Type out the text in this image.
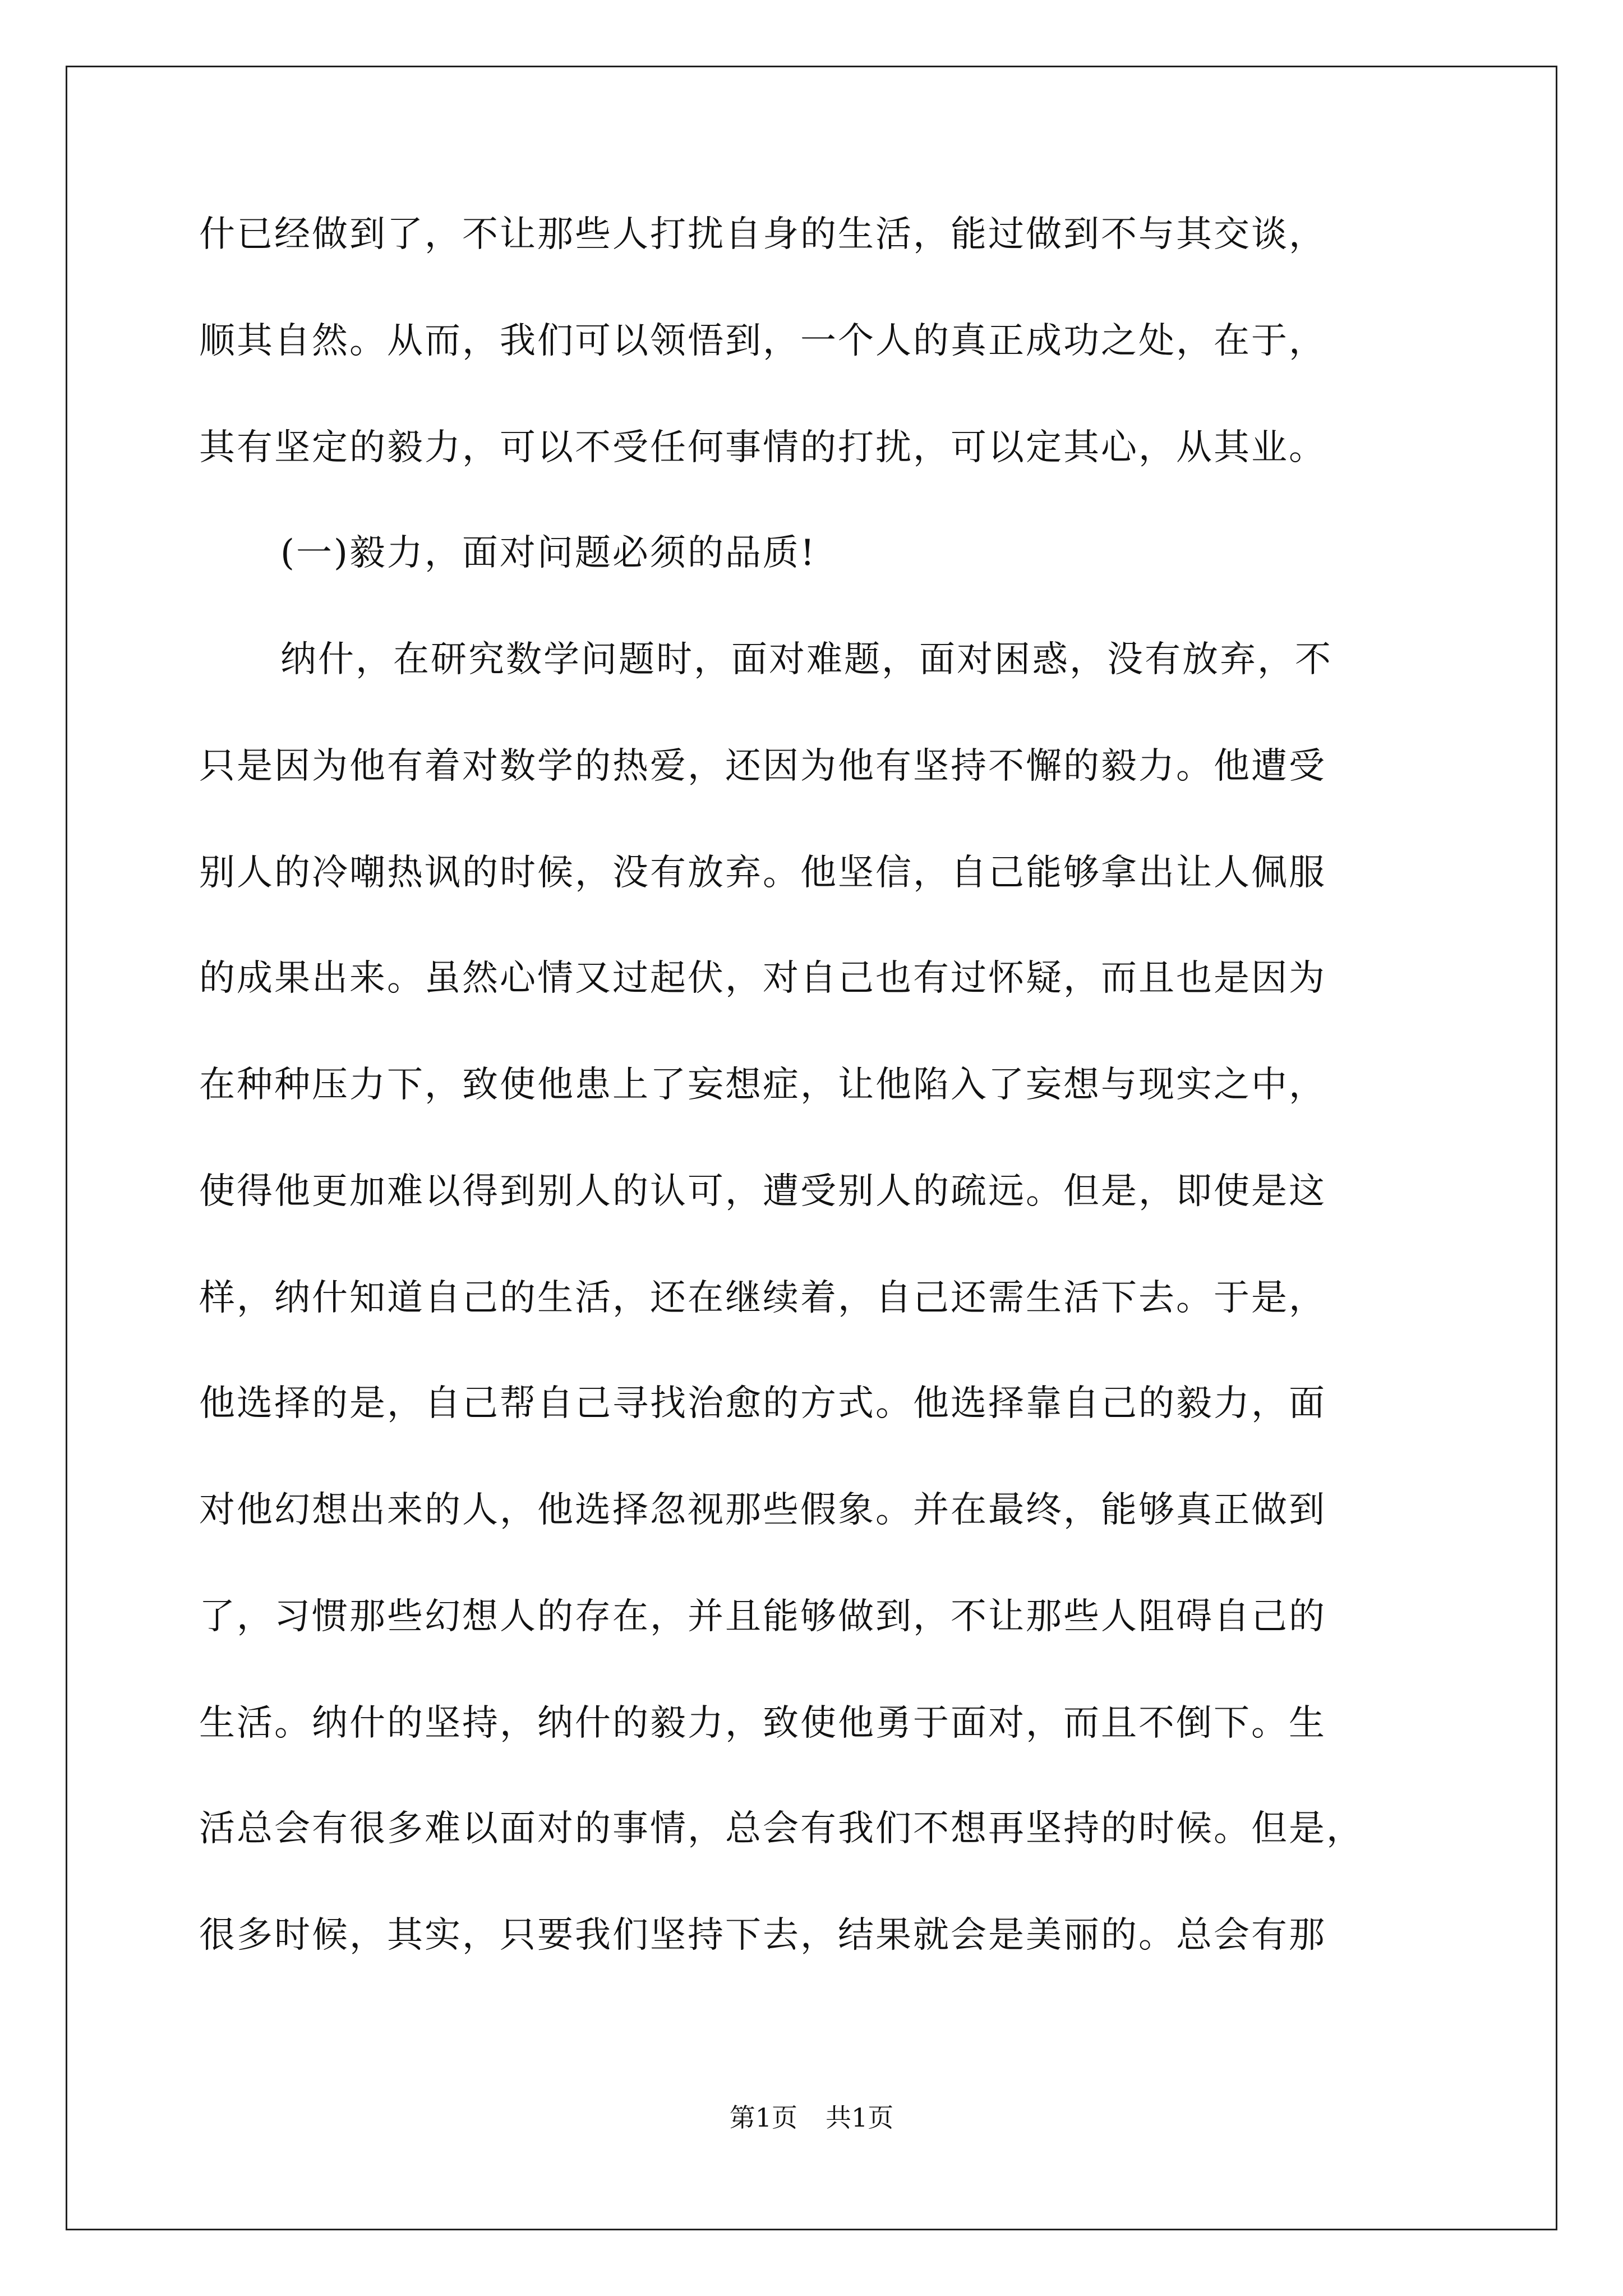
什已经做到了，不让那些人打扰自身的生活，能过做到不与其交谈，
顺其自然。从而，我们可以领悟到，一个人的真正成功之处，在于，
其有坚定的毅力，可以不受任何事情的打扰，可以定其心，从其业。
(一)毅力，面对问题必须的品质!
纳什，在研究数学问题时，面对难题，面对困惑，没有放弃，不
只是因为他有着对数学的热爱，还因为他有坚持不懈的毅力。他遭受
别人的冷嘲热讽的时候，没有放弃。他坚信，自己能够拿出让人佩服
的成果出来。虽然心情又过起伏，对自己也有过怀疑，而且也是因为
在种种压力下，致使他患上了妄想症，让他陷入了妄想与现实之中，
使得他更加难以得到别人的认可，遭受别人的疏远。但是，即使是这
样，纳什知道自己的生活，还在继续着，自己还需生活下去。于是，
他选择的是，自己帮自己寻找治愈的方式。他选择靠自己的毅力，面
对他幻想出来的人，他选择忽视那些假象。并在最终，能够真正做到
了，习惯那些幻想人的存在，并且能够做到，不让那些人阻碍自己的
生活。纳什的坚持，纳什的毅力，致使他勇于面对，而且不倒下。生
活总会有很多难以面对的事情，总会有我们不想再坚持的时候。但是，
很多时候，其实，只要我们坚持下去，结果就会是美丽的。总会有那
第1页 共1页
